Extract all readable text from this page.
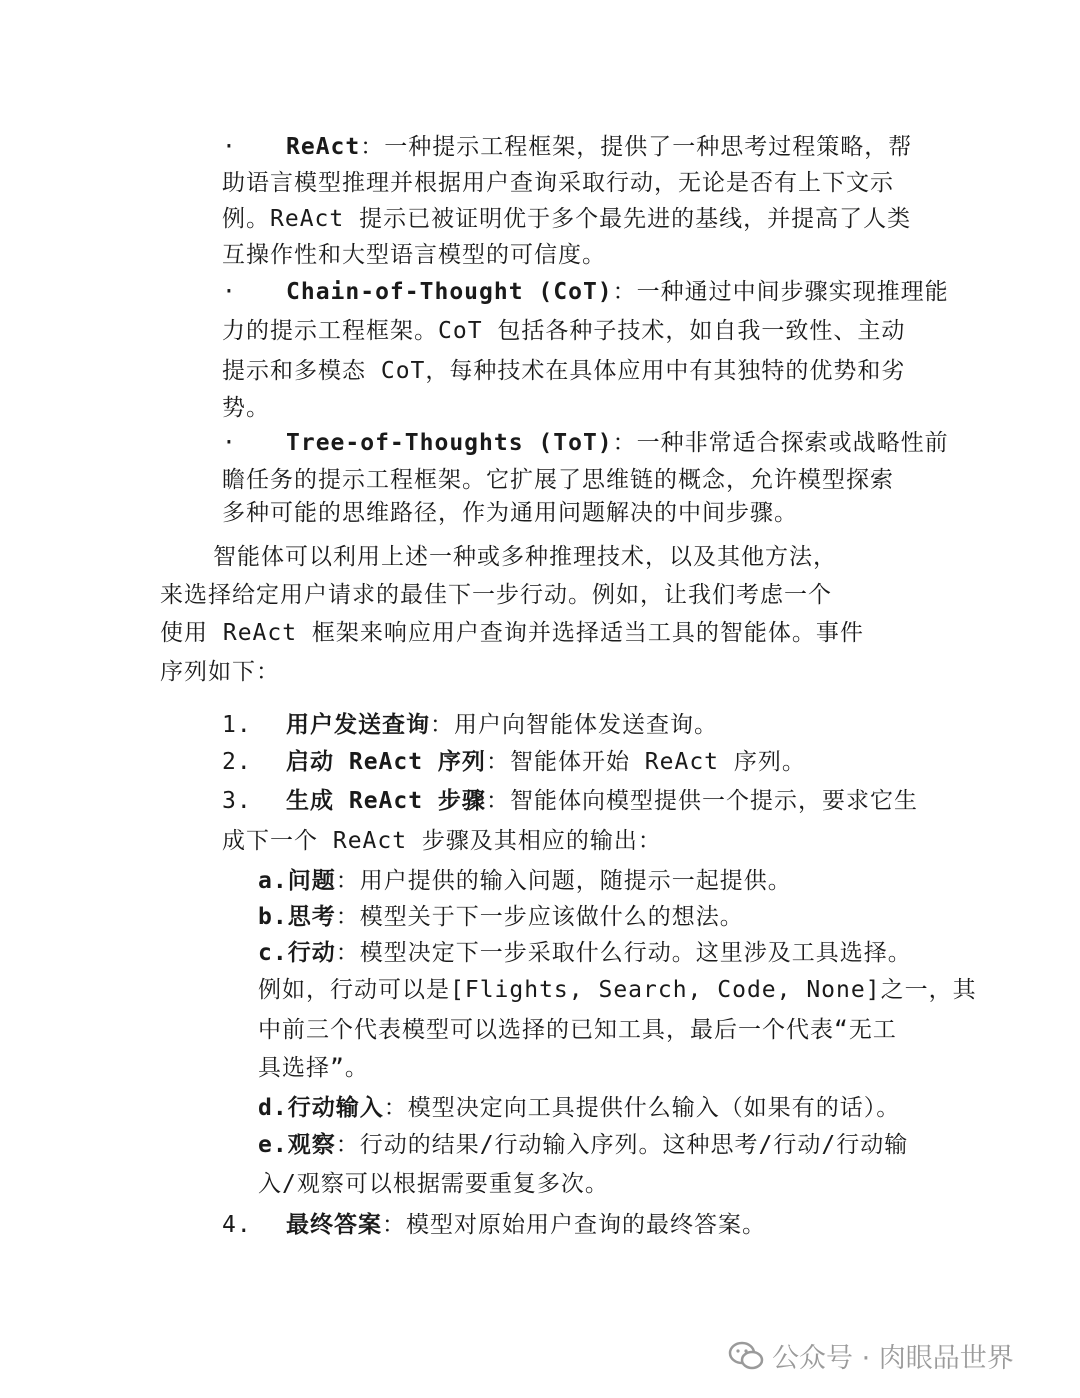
· ReAct：一种提示工程框架，提供了一种思考过程策略，帮
助语言模型推理并根据用户查询采取行动，无论是否有上下文示
例。ReAct 提示已被证明优于多个最先进的基线，并提高了人类
互操作性和大型语言模型的可信度。
· Chain-of-Thought (CoT)：一种通过中间步骤实现推理能
力的提示工程框架。CoT 包括各种子技术，如自我一致性、主动
提示和多模态 CoT，每种技术在具体应用中有其独特的优势和劣
势。
· Tree-of-Thoughts (ToT)：一种非常适合探索或战略性前
瞻任务的提示工程框架。它扩展了思维链的概念，允许模型探索
多种可能的思维路径，作为通用问题解决的中间步骤。
智能体可以利用上述一种或多种推理技术，以及其他方法，
来选择给定用户请求的最佳下一步行动。例如，让我们考虑一个
使用 ReAct 框架来响应用户查询并选择适当工具的智能体。事件
序列如下：
1. 用户发送查询：用户向智能体发送查询。
2. 启动 ReAct 序列：智能体开始 ReAct 序列。
3. 生成 ReAct 步骤：智能体向模型提供一个提示，要求它生
成下一个 ReAct 步骤及其相应的输出：
a.问题：用户提供的输入问题，随提示一起提供。
b.思考：模型关于下一步应该做什么的想法。
c.行动：模型决定下一步采取什么行动。这里涉及工具选择。
例如，行动可以是[Flights, Search, Code, None]之一，其
中前三个代表模型可以选择的已知工具，最后一个代表“无工
具选择”。
d.行动输入：模型决定向工具提供什么输入（如果有的话）。
e.观察：行动的结果/行动输入序列。这种思考/行动/行动输
入/观察可以根据需要重复多次。
4. 最终答案：模型对原始用户查询的最终答案。
公众号 · 肉眼品世界
